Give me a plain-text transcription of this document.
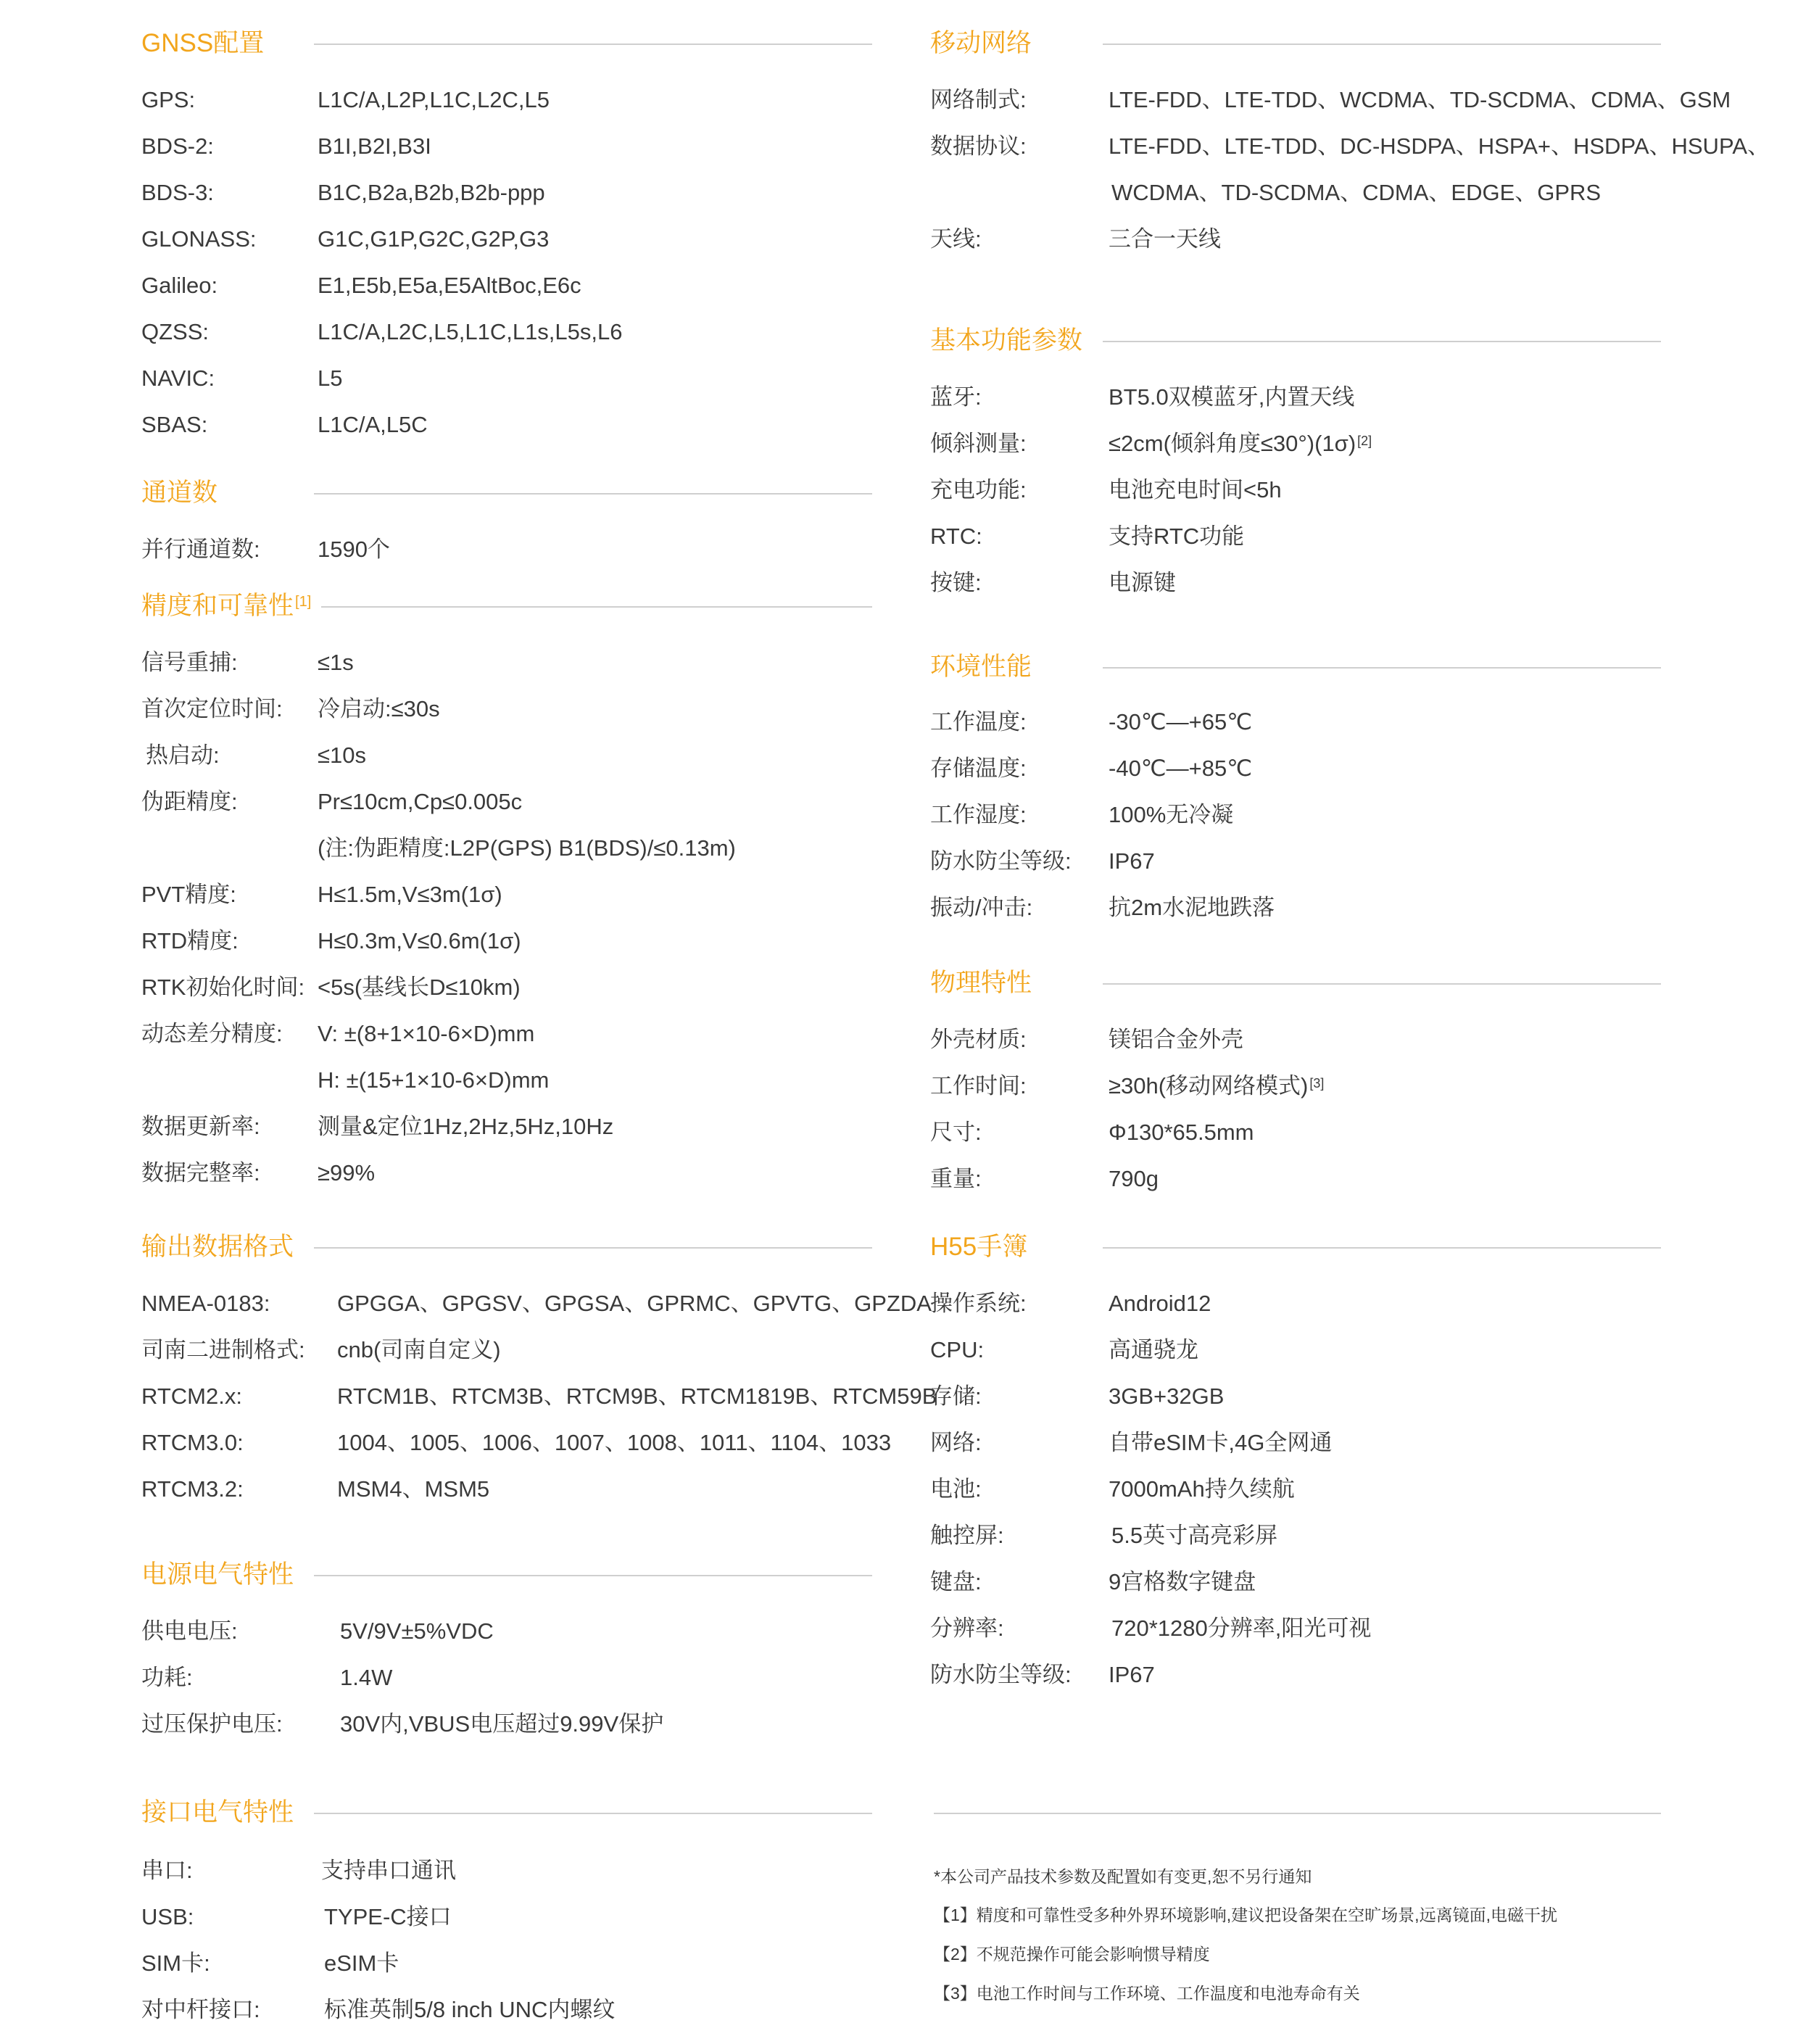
GNSS配置
GPS:	L1C/A,L2P,L1C,L2C,L5
BDS-2:	B1I,B2I,B3I
BDS-3:	B1C,B2a,B2b,B2b-ppp
GLONASS:	G1C,G1P,G2C,G2P,G3
Galileo:	E1,E5b,E5a,E5AltBoc,E6c
QZSS:	L1C/A,L2C,L5,L1C,L1s,L5s,L6
NAVIC:	L5
SBAS:	L1C/A,L5C
通道数
并行通道数:	1590个
精度和可靠性 [1]
信号重捕:	≤1s
首次定位时间: 冷启动:≤30s
热启动:	≤10s
伪距精度:	Pr≤10cm,Cp≤0.005c
(注:伪距精度:L2P(GPS) B1(BDS)/≤0.13m)
PVT精度:	H≤1.5m,V≤3m(1σ)
RTD精度:	H≤0.3m,V≤0.6m(1σ)
RTK初始化时间: <5s(基线长D≤10km)
动态差分精度: V: ±(8+1×10-6×D)mm
H: ±(15+1×10-6×D)mm
数据更新率:	测量&定位1Hz,2Hz,5Hz,10Hz
数据完整率:	≥99%
输出数据格式
NMEA-0183:	GPGGA、GPGSV、GPGSA、GPRMC、GPVTG、GPZDA
司南二进制格式: cnb(司南自定义)
RTCM2.x:	RTCM1B、RTCM3B、RTCM9B、RTCM1819B、RTCM59B
RTCM3.0:	1004、1005、1006、1007、1008、1011、1104、1033
RTCM3.2:	MSM4、MSM5
电源电气特性
供电电压:	5V/9V±5%VDC
功耗:	1.4W
过压保护电压:	30V内,VBUS电压超过9.99V保护
接口电气特性
串口:	支持串口通讯
USB:	TYPE-C接口
SIM卡:	eSIM卡
对中杆接口:	标准英制5/8 inch UNC内螺纹
移动网络
网络制式:	LTE-FDD、LTE-TDD、WCDMA、TD-SCDMA、CDMA、GSM
数据协议:	LTE-FDD、LTE-TDD、DC-HSDPA、HSPA+、HSDPA、HSUPA、
WCDMA、TD-SCDMA、CDMA、EDGE、GPRS
天线:	三合一天线
基本功能参数
蓝牙:	BT5.0双模蓝牙,内置天线
倾斜测量:	≤2cm(倾斜角度≤30°)(1σ) [2]
充电功能:	电池充电时间<5h
RTC:	支持RTC功能
按键:	电源键
环境性能
工作温度:	-30℃—+65℃
存储温度:	-40℃—+85℃
工作湿度:	100%无冷凝
防水防尘等级: IP67
振动/冲击:	抗2m水泥地跌落
物理特性
外壳材质:	镁铝合金外壳
工作时间:	≥30h(移动网络模式) [3]
尺寸:	Φ130*65.5mm
重量:	790g
H55手簿
操作系统:	Android12
CPU:	高通骁龙
存储:	3GB+32GB
网络:	自带eSIM卡,4G全网通
电池:	7000mAh持久续航
触控屏:	5.5英寸高亮彩屏
键盘:	9宫格数字键盘
分辨率:	720*1280分辨率,阳光可视
防水防尘等级: IP67
*本公司产品技术参数及配置如有变更,恕不另行通知
【1】精度和可靠性受多种外界环境影响,建议把设备架在空旷场景,远离镜面,电磁干扰
【2】不规范操作可能会影响惯导精度
【3】电池工作时间与工作环境、工作温度和电池寿命有关
